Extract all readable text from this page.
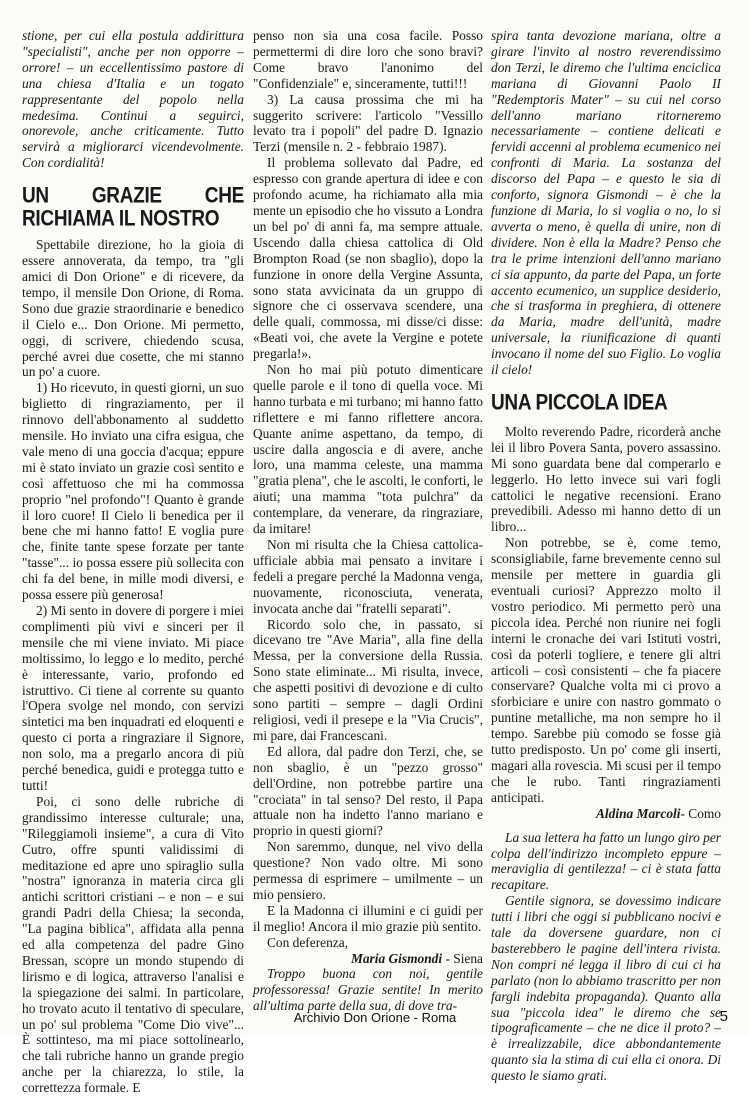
stione, per cui ella postula addirittura "specialisti", anche per non opporre – orrore! – un eccellentissimo pastore di una chiesa d'Italia e un togato rappresentante del popolo nella medesima. Continui a seguirci, onorevole, anche criticamente. Tutto servirà a migliorarci vicendevolmente. Con cordialità!

UN GRAZIE CHE RICHIAMA IL NOSTRO

Spettabile direzione, ho la gioia di essere annoverata, da tempo, tra "gli amici di Don Orione" e di ricevere, da tempo, il mensile Don Orione, di Roma. Sono due grazie straordinarie e benedico il Cielo e... Don Orione. Mi permetto, oggi, di scrivere, chiedendo scusa, perché avrei due cosette, che mi stanno un po' a cuore.

1) Ho ricevuto, in questi giorni, un suo biglietto di ringraziamento, per il rinnovo dell'abbonamento al suddetto mensile. Ho inviato una cifra esigua, che vale meno di una goccia d'acqua; eppure mi è stato inviato un grazie così sentito e così affettuoso che mi ha commossa proprio "nel profondo"! Quanto è grande il loro cuore! Il Cielo li benedica per il bene che mi hanno fatto! E voglia pure che, finite tante spese forzate per tante "tasse"... io possa essere più sollecita con chi fa del bene, in mille modi diversi, e possa essere più generosa!

2) Mi sento in dovere di porgere i miei complimenti più vivi e sinceri per il mensile che mi viene inviato. Mi piace moltissimo, lo leggo e lo medito, perché è interessante, vario, profondo ed istruttivo. Ci tiene al corrente su quanto l'Opera svolge nel mondo, con servizi sintetici ma ben inquadrati ed eloquenti e questo ci porta a ringraziare il Signore, non solo, ma a pregarlo ancora di più perché benedica, guidi e protegga tutto e tutti!

Poi, ci sono delle rubriche di grandissimo interesse culturale; una, "Rileggiamoli insieme", a cura di Vito Cutro, offre spunti validissimi di meditazione ed apre uno spiraglio sulla "nostra" ignoranza in materia circa gli antichi scrittori cristiani – e non – e sui grandi Padri della Chiesa; la seconda, "La pagina biblica", affidata alla penna ed alla competenza del padre Gino Bressan, scopre un mondo stupendo di lirismo e di logica, attraverso l'analisi e la spiegazione dei salmi. In particolare, ho trovato acuto il tentativo di speculare, un po' sul problema "Come Dio vive"... È sottinteso, ma mi piace sottolinearlo, che tali rubriche hanno un grande pregio anche per la chiarezza, lo stile, la correttezza formale. E

penso non sia una cosa facile. Posso permettermi di dire loro che sono bravi? Come bravo l'anonimo del "Confidenziale" e, sinceramente, tutti!!!

3) La causa prossima che mi ha suggerito scrivere: l'articolo "Vessillo levato tra i popoli" del padre D. Ignazio Terzi (mensile n. 2 - febbraio 1987).

Il problema sollevato dal Padre, ed espresso con grande apertura di idee e con profondo acume, ha richiamato alla mia mente un episodio che ho vissuto a Londra un bel po' di anni fa, ma sempre attuale. Uscendo dalla chiesa cattolica di Old Brompton Road (se non sbaglio), dopo la funzione in onore della Vergine Assunta, sono stata avvicinata da un gruppo di signore che ci osservava scendere, una delle quali, commossa, mi disse/ci disse: «Beati voi, che avete la Vergine e potete pregarla!».

Non ho mai più potuto dimenticare quelle parole e il tono di quella voce. Mi hanno turbata e mi turbano; mi hanno fatto riflettere e mi fanno riflettere ancora. Quante anime aspettano, da tempo, di uscire dalla angoscia e di avere, anche loro, una mamma celeste, una mamma "gratia plena", che le ascolti, le conforti, le aiuti; una mamma "tota pulchra" da contemplare, da venerare, da ringraziare, da imitare!

Non mi risulta che la Chiesa cattolica-ufficiale abbia mai pensato a invitare i fedeli a pregare perché la Madonna venga, nuovamente, riconosciuta, venerata, invocata anche dai "fratelli separati".

Ricordo solo che, in passato, si dicevano tre "Ave Maria", alla fine della Messa, per la conversione della Russia. Sono state eliminate... Mi risulta, invece, che aspetti positivi di devozione e di culto sono partiti – sempre – dagli Ordini religiosi, vedi il presepe e la "Via Crucis", mi pare, dai Francescani.

Ed allora, dal padre don Terzi, che, se non sbaglio, è un "pezzo grosso" dell'Ordine, non potrebbe partire una "crociata" in tal senso? Del resto, il Papa attuale non ha indetto l'anno mariano e proprio in questi giorni?

Non saremmo, dunque, nel vivo della questione? Non vado oltre. Mi sono permessa di esprimere – umilmente – un mio pensiero.

E la Madonna ci illumini e ci guidi per il meglio! Ancora il mio grazie più sentito.

Con deferenza,

Maria Gismondi - Siena

Troppo buona con noi, gentile professoressa! Grazie sentite! In merito all'ultima parte della sua, di dove tra-

spira tanta devozione mariana, oltre a girare l'invito al nostro reverendissimo don Terzi, le diremo che l'ultima enciclica mariana di Giovanni Paolo II "Redemptoris Mater" – su cui nel corso dell'anno mariano ritorneremo necessariamente – contiene delicati e fervidi accenni al problema ecumenico nei confronti di Maria. La sostanza del discorso del Papa – e questo le sia di conforto, signora Gismondi – è che la funzione di Maria, lo si voglia o no, lo si avverta o meno, è quella di unire, non di dividere. Non è ella la Madre? Penso che tra le prime intenzioni dell'anno mariano ci sia appunto, da parte del Papa, un forte accento ecumenico, un supplice desiderio, che si trasforma in preghiera, di ottenere da Maria, madre dell'unità, madre universale, la riunificazione di quanti invocano il nome del suo Figlio. Lo voglia il cielo!

UNA PICCOLA IDEA

Molto reverendo Padre, ricorderà anche lei il libro Povera Santa, povero assassino. Mi sono guardata bene dal comperarlo e leggerlo. Ho letto invece sui vari fogli cattolici le negative recensioni. Erano prevedibili. Adesso mi hanno detto di un libro...

Non potrebbe, se è, come temo, sconsigliabile, farne brevemente cenno sul mensile per mettere in guardia gli eventuali curiosi? Apprezzo molto il vostro periodico. Mi permetto però una piccola idea. Perché non riunire nei fogli interni le cronache dei vari Istituti vostri, così da poterli togliere, e tenere gli altri articoli – così consistenti – che fa piacere conservare? Qualche volta mi ci provo a sforbiciare e unire con nastro gommato o puntine metalliche, ma non sempre ho il tempo. Sarebbe più comodo se fosse già tutto predisposto. Un po' come gli inserti, magari alla rovescia. Mi scusi per il tempo che le rubo. Tanti ringraziamenti anticipati.

Aldina Marcoli- Como

La sua lettera ha fatto un lungo giro per colpa dell'indirizzo incompleto eppure – meraviglia di gentilezza! – ci è stata fatta recapitare.

Gentile signora, se dovessimo indicare tutti i libri che oggi si pubblicano nocivi e tale da doversene guardare, non ci basterebbero le pagine dell'intera rivista. Non compri né legga il libro di cui ci ha parlato (non lo abbiamo trascritto per non fargli indebita propaganda). Quanto alla sua "piccola idea" le diremo che se tipograficamente – che ne dice il proto? – è irrealizzabile, dice abbondantemente quanto sia la stima di cui ella ci onora. Di questo le siamo grati.

Archivio Don Orione - Roma	5
